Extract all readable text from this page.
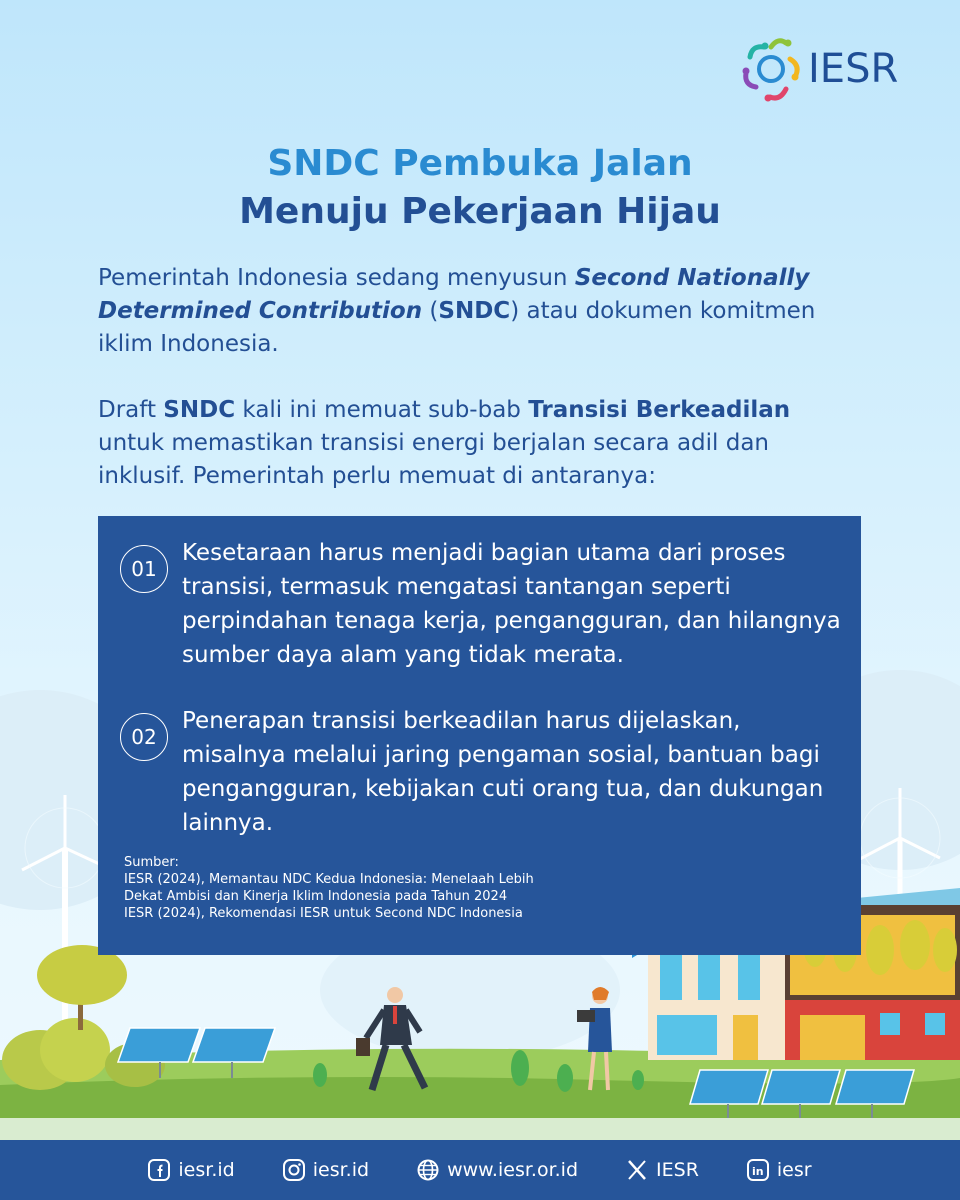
IESR
SNDC Pembuka Jalan
Menuju Pekerjaan Hijau
Pemerintah Indonesia sedang menyusun Second Nationally Determined Contribution (SNDC) atau dokumen komitmen iklim Indonesia.
Draft SNDC kali ini memuat sub-bab Transisi Berkeadilan untuk memastikan transisi energi berjalan secara adil dan inklusif. Pemerintah perlu memuat di antaranya:
01
Kesetaraan harus menjadi bagian utama dari proses transisi, termasuk mengatasi tantangan seperti perpindahan tenaga kerja, pengangguran, dan hilangnya sumber daya alam yang tidak merata.
02
Penerapan transisi berkeadilan harus dijelaskan, misalnya melalui jaring pengaman sosial, bantuan bagi pengangguran, kebijakan cuti orang tua, dan dukungan lainnya.
Sumber:
IESR (2024), Memantau NDC Kedua Indonesia: Menelaah Lebih
Dekat Ambisi dan Kinerja Iklim Indonesia pada Tahun 2024
IESR (2024), Rekomendasi IESR untuk Second NDC Indonesia
iesr.id	iesr.id	www.iesr.or.id	IESR	in iesr
